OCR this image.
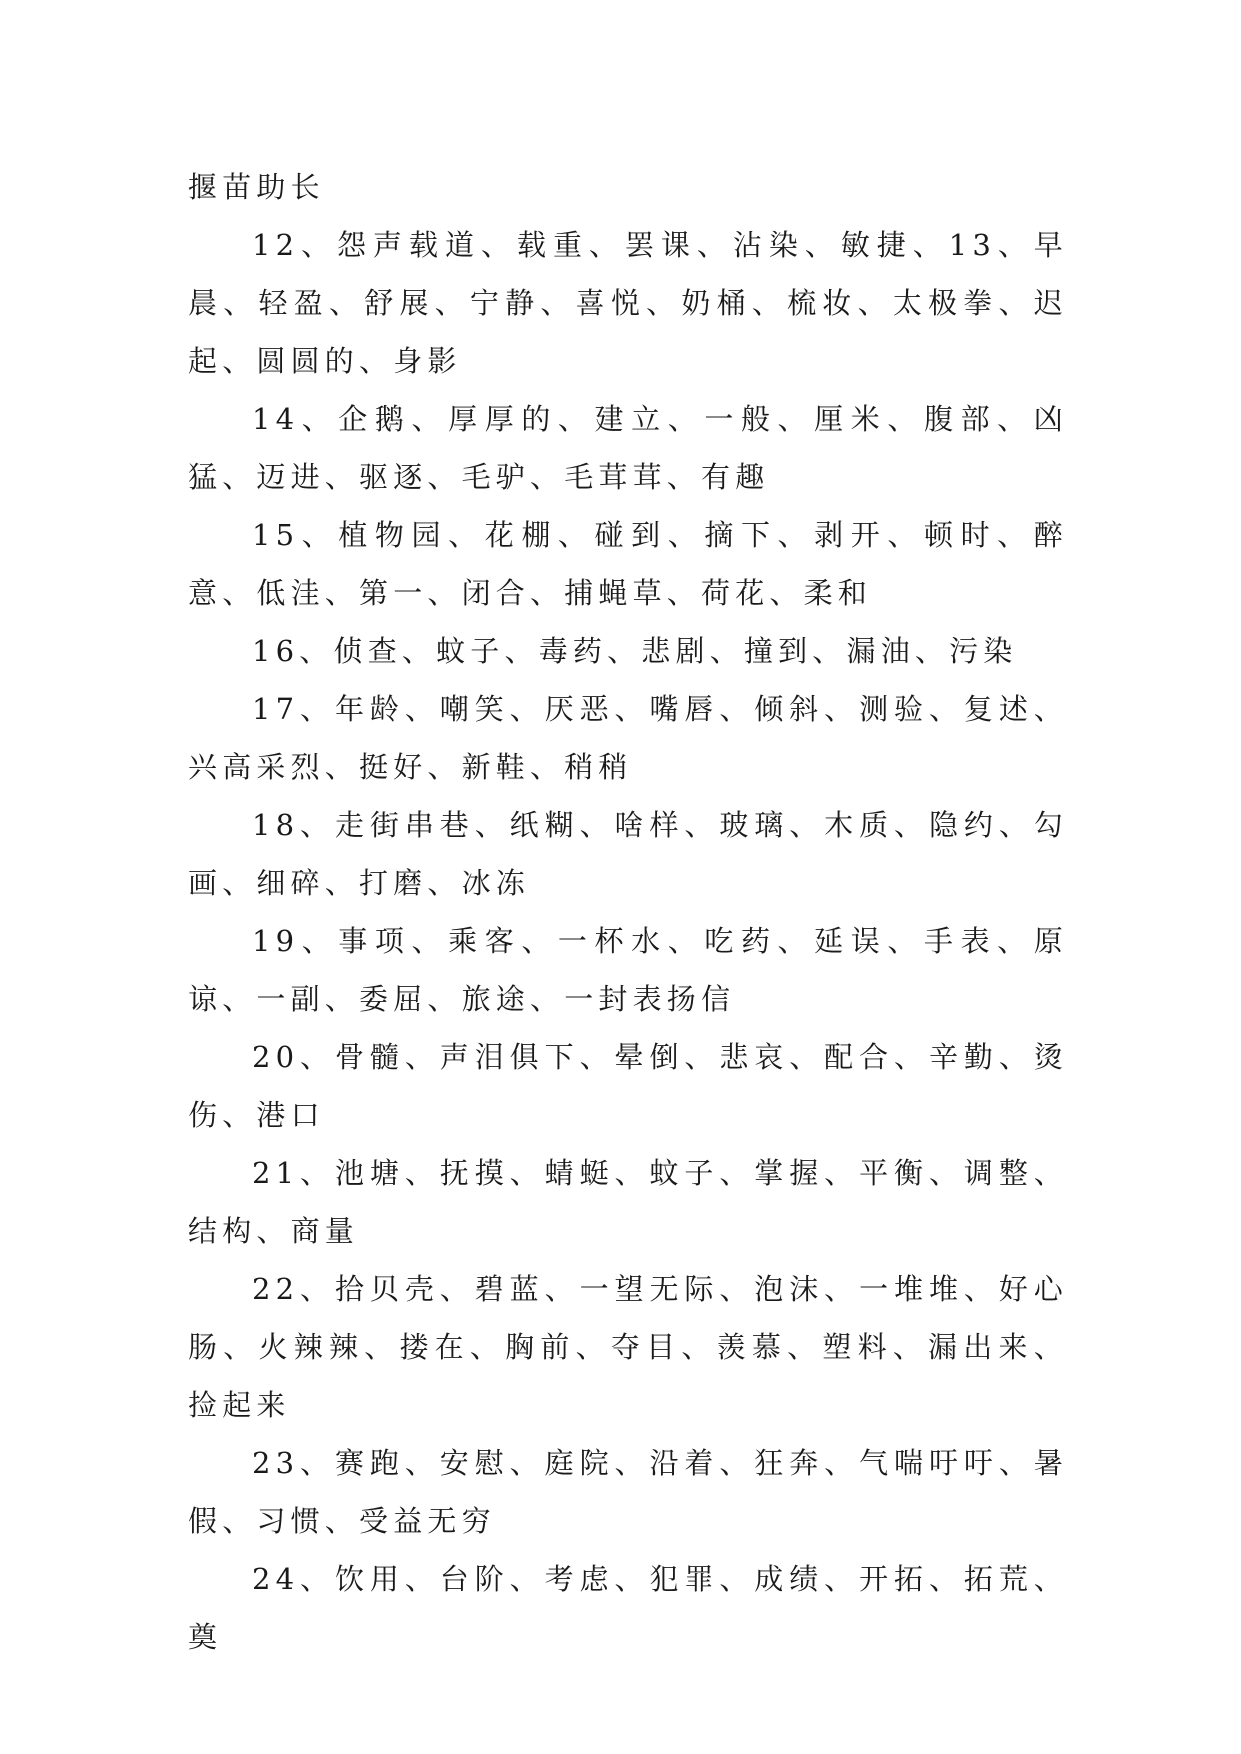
揠苗助长

12、怨声载道、载重、罢课、沾染、敏捷、13、早晨、轻盈、舒展、宁静、喜悦、奶桶、梳妆、太极拳、迟起、圆圆的、身影

14、企鹅、厚厚的、建立、一般、厘米、腹部、凶猛、迈进、驱逐、毛驴、毛茸茸、有趣

15、植物园、花棚、碰到、摘下、剥开、顿时、醉意、低洼、第一、闭合、捕蝇草、荷花、柔和

16、侦查、蚊子、毒药、悲剧、撞到、漏油、污染

17、年龄、嘲笑、厌恶、嘴唇、倾斜、测验、复述、兴高采烈、挺好、新鞋、稍稍

18、走街串巷、纸糊、啥样、玻璃、木质、隐约、勾画、细碎、打磨、冰冻

19、事项、乘客、一杯水、吃药、延误、手表、原谅、一副、委屈、旅途、一封表扬信

20、骨髓、声泪俱下、晕倒、悲哀、配合、辛勤、烫伤、港口

21、池塘、抚摸、蜻蜓、蚊子、掌握、平衡、调整、结构、商量

22、拾贝壳、碧蓝、一望无际、泡沫、一堆堆、好心肠、火辣辣、搂在、胸前、夺目、羡慕、塑料、漏出来、捡起来

23、赛跑、安慰、庭院、沿着、狂奔、气喘吁吁、暑假、习惯、受益无穷

24、饮用、台阶、考虑、犯罪、成绩、开拓、拓荒、奠
